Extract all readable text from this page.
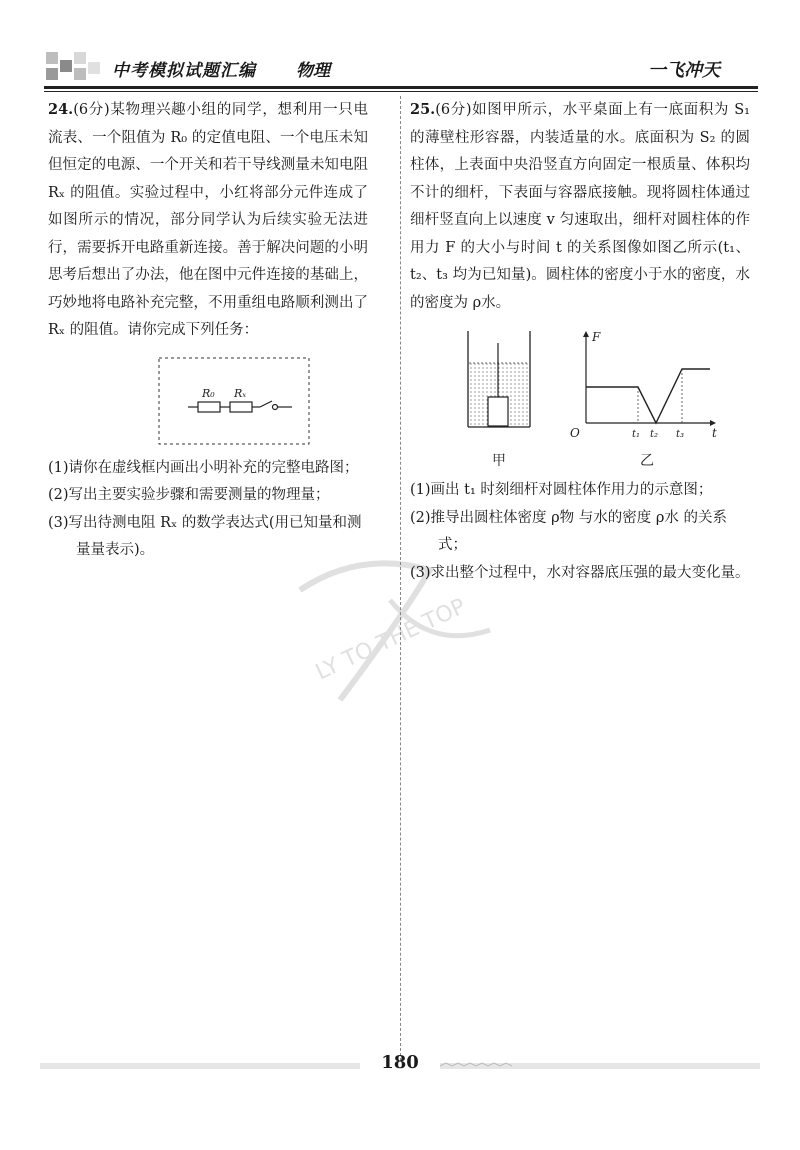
中考模拟试题汇编 物理	一飞冲天
LY TO THE TOP

24.(6分)某物理兴趣小组的同学，想利用一只电流表、一个阻值为 R₀ 的定值电阻、一个电压未知但恒定的电源、一个开关和若干导线测量未知电阻 Rₓ 的阻值。实验过程中，小红将部分元件连成了如图所示的情况，部分同学认为后续实验无法进行，需要拆开电路重新连接。善于解决问题的小明思考后想出了办法，他在图中元件连接的基础上，巧妙地将电路补充完整，不用重组电路顺利测出了 Rₓ 的阻值。请你完成下列任务：

R₀ Rₓ

(1)请你在虚线框内画出小明补充的完整电路图；

(2)写出主要实验步骤和需要测量的物理量；

(3)写出待测电阻 Rₓ 的数学表达式(用已知量和测量量表示)。

25.(6分)如图甲所示，水平桌面上有一底面积为 S₁ 的薄壁柱形容器，内装适量的水。底面积为 S₂ 的圆柱体，上表面中央沿竖直方向固定一根质量、体积均不计的细杆，下表面与容器底接触。现将圆柱体通过细杆竖直向上以速度 v 匀速取出，细杆对圆柱体的作用力 F 的大小与时间 t 的关系图像如图乙所示(t₁、t₂、t₃ 均为已知量)。圆柱体的密度小于水的密度，水的密度为 ρ水。

甲
F
t
O	t₁ t₂ t₃
乙

(1)画出 t₁ 时刻细杆对圆柱体作用力的示意图；

(2)推导出圆柱体密度 ρ物 与水的密度 ρ水 的关系式；

(3)求出整个过程中，水对容器底压强的最大变化量。

180
